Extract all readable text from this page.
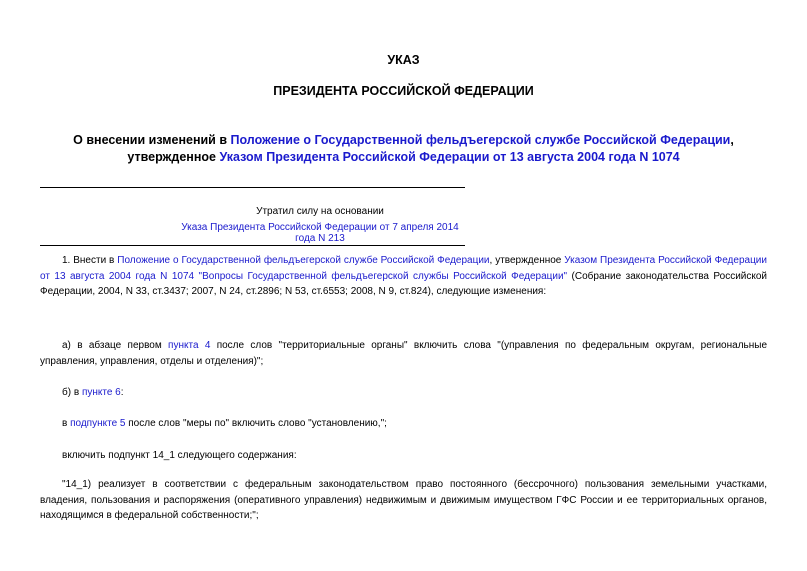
УКАЗ
ПРЕЗИДЕНТА РОССИЙСКОЙ ФЕДЕРАЦИИ
О внесении изменений в Положение о Государственной фельдъегерской службе Российской Федерации, утвержденное Указом Президента Российской Федерации от 13 августа 2004 года N 1074
Утратил силу на основании
Указа Президента Российской Федерации от 7 апреля 2014 года N 213
1. Внести в Положение о Государственной фельдъегерской службе Российской Федерации, утвержденное Указом Президента Российской Федерации от 13 августа 2004 года N 1074 "Вопросы Государственной фельдъегерской службы Российской Федерации" (Собрание законодательства Российской Федерации, 2004, N 33, ст.3437; 2007, N 24, ст.2896; N 53, ст.6553; 2008, N 9, ст.824), следующие изменения:
а) в абзаце первом пункта 4 после слов "территориальные органы" включить слова "(управления по федеральным округам, региональные управления, управления, отделы и отделения)";
б) в пункте 6:
в подпункте 5 после слов "меры по" включить слово "установлению,";
включить подпункт 14_1 следующего содержания:
"14_1) реализует в соответствии с федеральным законодательством право постоянного (бессрочного) пользования земельными участками, владения, пользования и распоряжения (оперативного управления) недвижимым и движимым имуществом ГФС России и ее территориальных органов, находящимся в федеральной собственности;";
